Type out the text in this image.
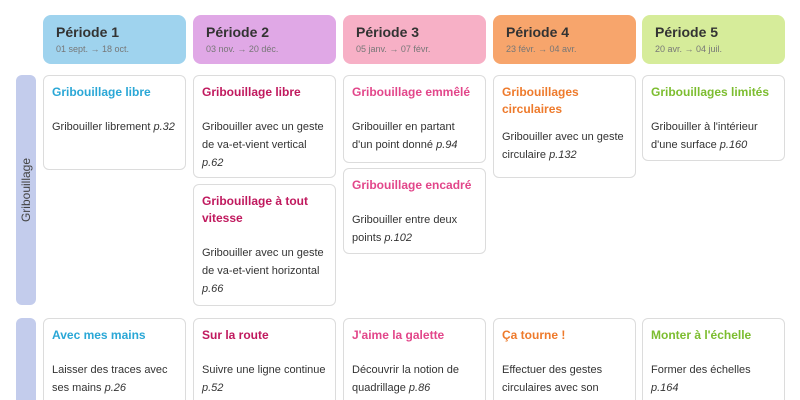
Période 1
01 sept. → 18 oct.
Période 2
03 nov. → 20 déc.
Période 3
05 janv. → 07 févr.
Période 4
23 févr. → 04 avr.
Période 5
20 avr. → 04 juil.
Gribouillage
Gribouillage libre
Gribouiller librement p.32
Gribouillage libre
Gribouiller avec un geste de va-et-vient vertical p.62
Gribouillage à tout vitesse
Gribouiller avec un geste de va-et-vient horizontal p.66
Gribouillage emmêlé
Gribouiller en partant d'un point donné p.94
Gribouillage encadré
Gribouiller entre deux points p.102
Gribouillages circulaires
Gribouiller avec un geste circulaire p.132
Gribouillages limités
Gribouiller à l'intérieur d'une surface p.160
Avec mes mains
Laisser des traces avec ses mains p.26
Sur la route
Suivre une ligne continue p.52
J'aime la galette
Découvrir la notion de quadrillage p.86
Ça tourne !
Effectuer des gestes circulaires avec son
Monter à l'échelle
Former des échelles p.164
